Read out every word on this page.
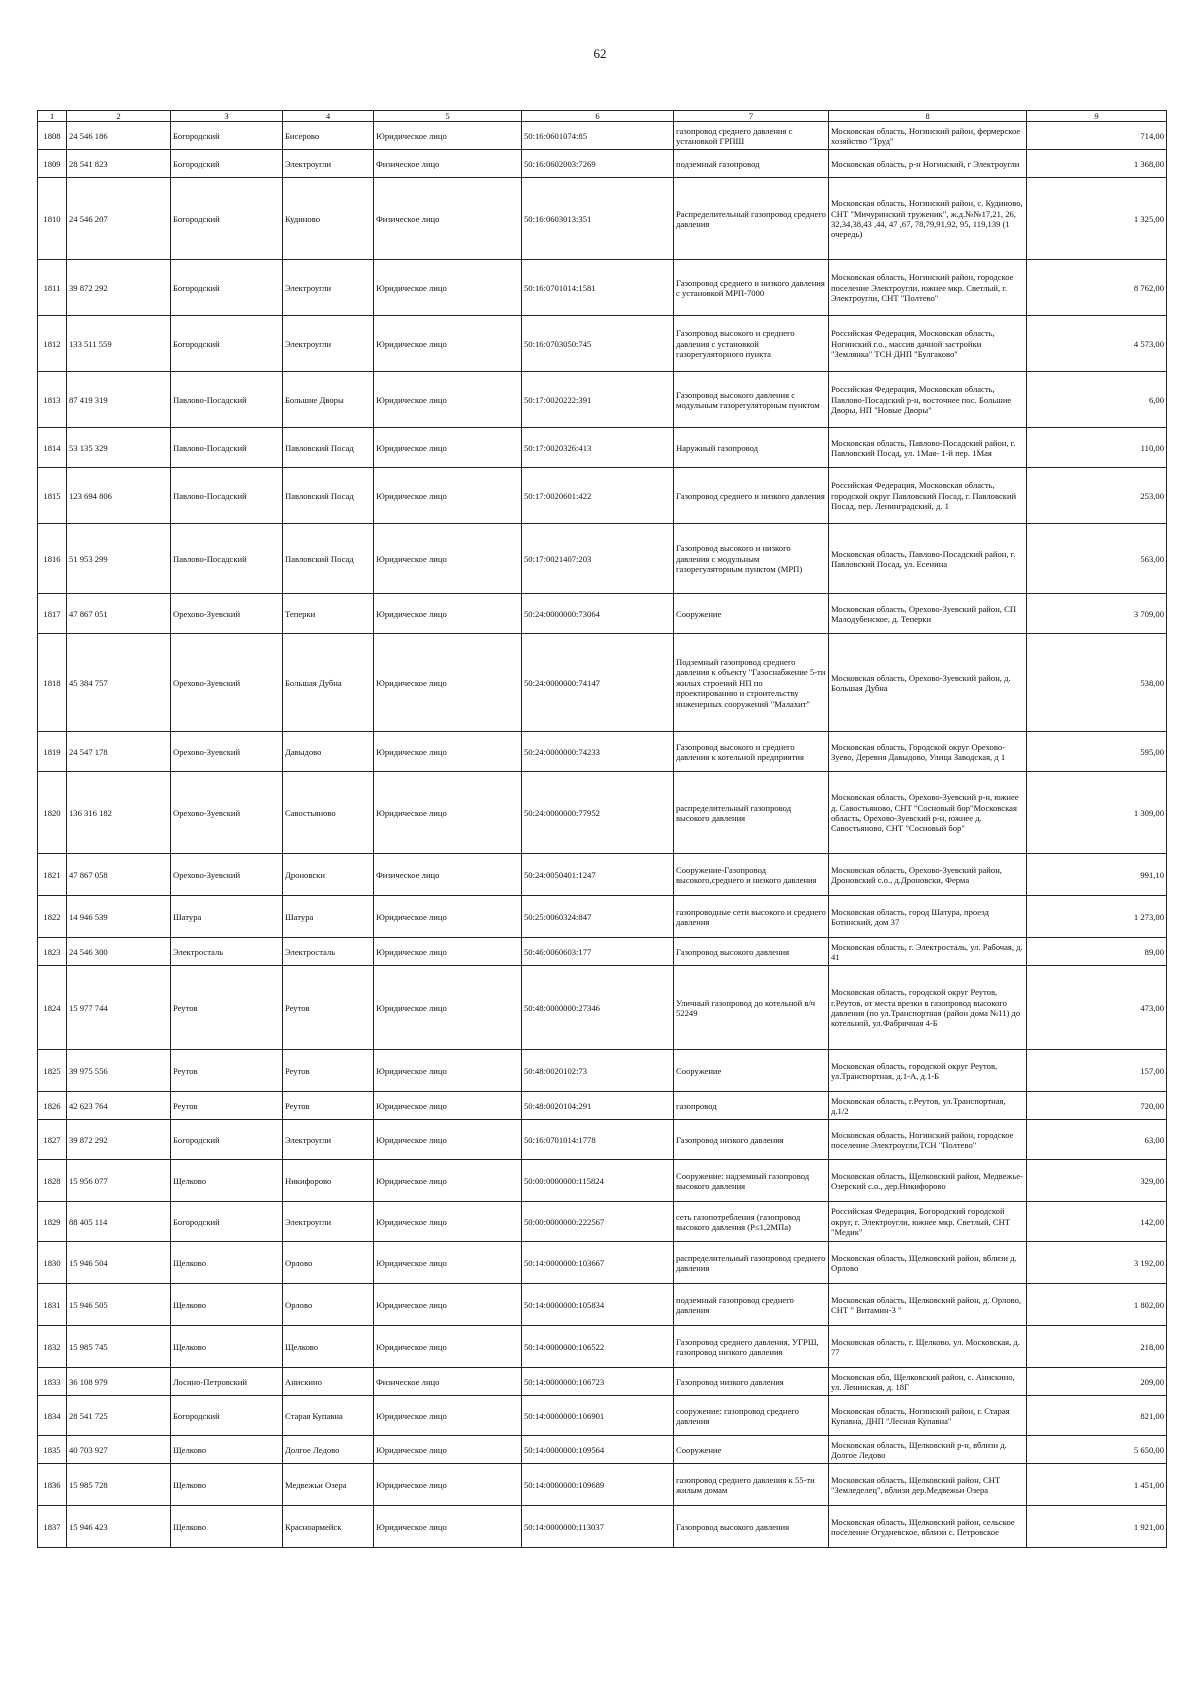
62
1	2	3	4	5	6	7	8	9
1808	24 546 186	Богородский	Бисерово	Юридическое лицо	50:16:0601074:85	газопровод среднего давления с установкой ГРПШ	Московская область, Ногинский район, фермерское хозяйство "Труд"	714,00
1809	28 541 823	Богородский	Электроугли	Физическое лицо	50:16:0602003:7269	подземный газопровод	Московская область, р-н Ногинский, г Электроугли	1 368,00
1810	24 546 207	Богородский	Кудиново	Физическое лицо	50:16:0603013:351	Распределительный газопровод среднего давления	Московская область, Ногинский район, с. Кудиново, СНТ "Мичуринский труженик", ж.д.№№17,21, 26, 32,34,38,43 ,44, 47 ,67, 78,79,91,92, 95, 119,139 (1 очередь)	1 325,00
1811	39 872 292	Богородский	Электроугли	Юридическое лицо	50:16:0701014:1581	Газопровод среднего и низкого давления с установкой МРП-7000	Московская область, Ногинский район, городское поселение Электроугли, южнее мкр. Светлый, г. Электроугли, СНТ "Полтево"	8 762,00
1812	133 511 559	Богородский	Электроугли	Юридическое лицо	50:16:0703050:745	Газопровод высокого и среднего давления с установкой газорегуляторного пункта	Российская Федерация, Московская область, Ногинский г.о., массив дачной застройки "Землянка" ТСН ДНП "Булгаково"	4 573,00
1813	87 419 319	Павлово-Посадский	Большие Дворы	Юридическое лицо	50:17:0020222:391	Газопровод высокого давления с модульным газорегуляторным пунктом	Российская Федерация, Московская область, Павлово-Посадский р-н, восточнее пос. Большие Дворы, НП "Новые Дворы"	6,00
1814	53 135 329	Павлово-Посадский	Павловский Посад	Юридическое лицо	50:17:0020326:413	Наружный газопровод	Московская область, Павлово-Посадский район, г. Павловский Посад, ул. 1Мая- 1-й пер. 1Мая	110,00
1815	123 694 806	Павлово-Посадский	Павловский Посад	Юридическое лицо	50:17:0020601:422	Газопровод среднего и низкого давления	Российская Федерация, Московская область, городской округ Павловский Посад, г. Павловский Посад, пер. Ленинградский, д. 1	253,00
1816	51 953 299	Павлово-Посадский	Павловский Посад	Юридическое лицо	50:17:0021407:203	Газопровод высокого и низкого давления с модульным газорегуляторным пунктом (МРП)	Московская область, Павлово-Посадский район, г. Павловский Посад, ул. Есенина	563,00
1817	47 867 051	Орехово-Зуевский	Теперки	Юридическое лицо	50:24:0000000:73064	Сооружение	Московская область, Орехово-Зуевский район, СП Малодубенское, д. Теперки	3 709,00
1818	45 384 757	Орехово-Зуевский	Большая Дубна	Юридическое лицо	50:24:0000000:74147	Подземный газопровод среднего давления к объекту "Газоснабжение 5-ти жилых строений НП по проектированию и строительству инженерных сооружений "Малахит"	Московская область, Орехово-Зуевский район, д. Большая Дубна	538,00
1819	24 547 178	Орехово-Зуевский	Давыдово	Юридическое лицо	50:24:0000000:74233	Газопровод высокого и среднего давления к котельной предприятия	Московская область, Городской округ Орехово-Зуево, Деревня Давыдово, Улица Заводская, д 1	595,00
1820	136 316 182	Орехово-Зуевский	Савостьяново	Юридическое лицо	50:24:0000000:77952	распределительный газопровод высокого давления	Московская область, Орехово-Зуевский р-н, южнее д. Савостьяново, СНТ "Сосновый бор"Московская область, Орехово-Зуевский р-н, южнее д. Савостьяново, СНТ "Сосновый бор"	1 309,00
1821	47 867 058	Орехово-Зуевский	Дроновски	Физическое лицо	50:24:0050401:1247	Сооружение-Газопровод высокого,среднего и низкого давления	Московская область, Орехово-Зуевский район, Дроновский с.о., д.Дроновски, Ферма	991,10
1822	14 946 539	Шатура	Шатура	Юридическое лицо	50:25:0060324:847	газопроводные сети высокого и среднего давления	Московская область, город Шатура, проезд Ботинский, дом 37	1 273,00
1823	24 546 300	Электросталь	Электросталь	Юридическое лицо	50:46:0060603:177	Газопровод высокого давления	Московская область, г. Электросталь, ул. Рабочая, д. 41	89,00
1824	15 977 744	Реутов	Реутов	Юридическое лицо	50:48:0000000:27346	Уличный газопровод до котельной в/ч 52249	Московская область, городской округ Реутов, г.Реутов, от места врезки в газопровод высокого давления (по ул.Транспортная (район дома №11) до котельной, ул.Фабричная 4-Б	473,00
1825	39 975 556	Реутов	Реутов	Юридическое лицо	50:48:0020102:73	Сооружение	Московская область, городской округ Реутов, ул.Транспортная, д.1-А, д.1-Б	157,00
1826	42 623 764	Реутов	Реутов	Юридическое лицо	50:48:0020104:291	газопровод	Московская область, г.Реутов, ул.Транспортная, д.1/2	720,00
1827	39 872 292	Богородский	Электроугли	Юридическое лицо	50:16:0701014:1778	Газопровод низкого давления	Московская область, Ногинский район, городское поселение Электроугли,ТСН "Полтево"	63,00
1828	15 956 077	Щелково	Никифорово	Юридическое лицо	50:00:0000000:115824	Сооружение: надземный газопровод высокого давления	Московская область, Щелковский район, Медвежье-Озерский с.о., дер.Никифорово	329,00
1829	88 405 114	Богородский	Электроугли	Юридическое лицо	50:00:0000000:222567	сеть газопотребления (газопровод высокого давления (Р≤1,2МПа)	Российская Федерация, Богородский городской округ, г. Электроугли, южнее мкр. Светлый, СНТ "Медик"	142,00
1830	15 946 504	Щелково	Орлово	Юридическое лицо	50:14:0000000:103667	распределительный газопровод среднего давления	Московская область, Щелковский район, вблизи д. Орлово	3 192,00
1831	15 946 505	Щелково	Орлово	Юридическое лицо	50:14:0000000:105834	подземный газопровод среднего давления	Московская область, Щелковский район, д. Орлово, СНТ " Витамин-3 "	1 802,00
1832	15 985 745	Щелково	Щелково	Юридическое лицо	50:14:0000000:106522	Газопровод среднего давления, УГРШ, газопровод низкого давления	Московская область, г. Щелково, ул. Московская, д. 77	218,00
1833	36 108 979	Лосино-Петровский	Анискино	Физическое лицо	50:14:0000000:106723	Газопровод низкого давления	Московская обл, Щелковский район, с. Анискино, ул. Ленинская, д. 18Г	209,00
1834	28 541 725	Богородский	Старая Купавна	Юридическое лицо	50:14:0000000:106901	сооружение: газопровод среднего давления	Московская область, Ногинский район, г. Старая Купавна, ДНП "Лесная Купавна"	821,00
1835	40 703 927	Щелково	Долгое Ледово	Юридическое лицо	50:14:0000000:109564	Сооружение	Московская область, Щелковский р-н, вблизи д. Долгое Ледово	5 650,00
1836	15 985 728	Щелково	Медвежьи Озера	Юридическое лицо	50:14:0000000:109689	газопровод среднего давления к 55-ти жилым домам	Московская область, Щелковский район, СНТ "Земледелец", вблизи дер.Медвежьи Озера	1 451,00
1837	15 946 423	Щелково	Красноармейск	Юридическое лицо	50:14:0000000:113037	Газопровод высокого давления	Московская область, Щелковский район, сельское поселение Огудневское, вблизи с. Петровское	1 921,00
